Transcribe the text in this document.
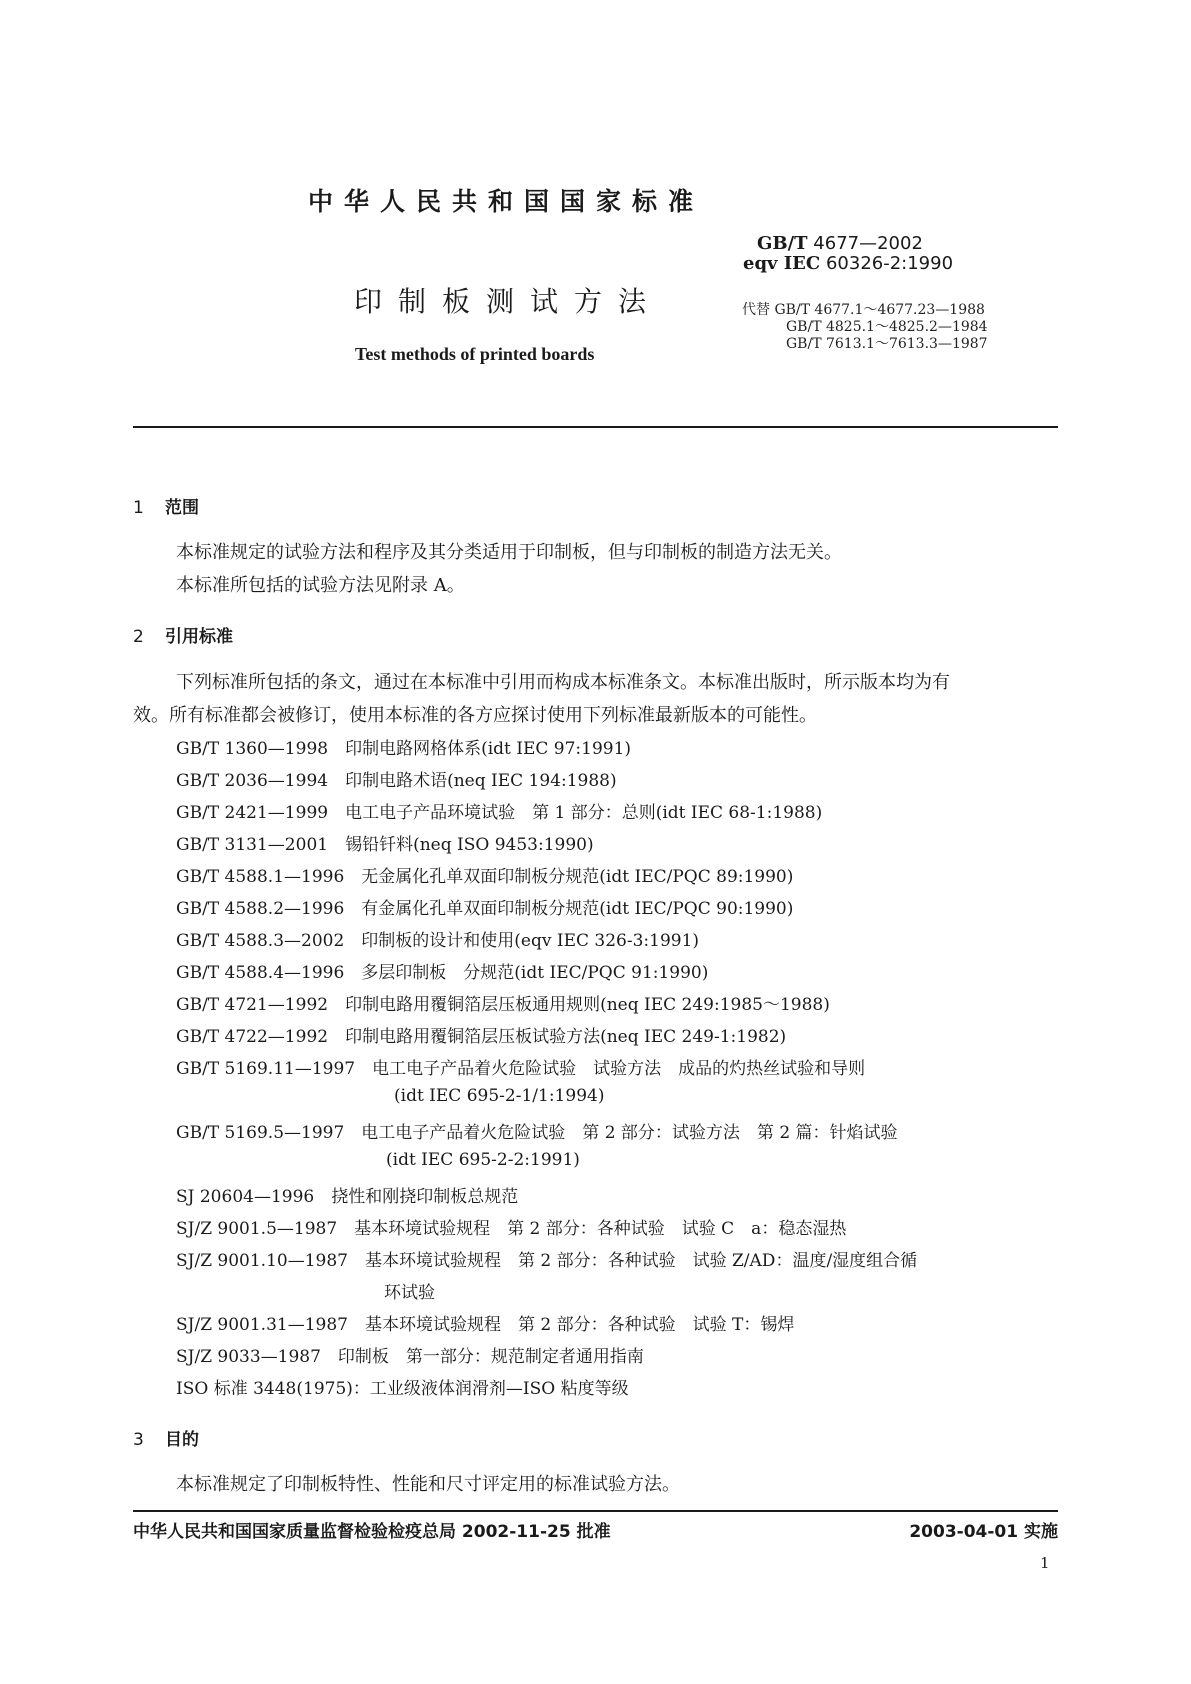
中华人民共和国国家标准
GB/T 4677—2002
eqv IEC 60326-2:1990
印制板测试方法
Test methods of printed boards
代替 GB/T 4677.1～4677.23—1988
GB/T 4825.1～4825.2—1984
GB/T 7613.1～7613.3—1987
1 范围
本标准规定的试验方法和程序及其分类适用于印制板，但与印制板的制造方法无关。
本标准所包括的试验方法见附录 A。
2 引用标准
下列标准所包括的条文，通过在本标准中引用而构成本标准条文。本标准出版时，所示版本均为有
效。所有标准都会被修订，使用本标准的各方应探讨使用下列标准最新版本的可能性。
GB/T 1360—1998　印制电路网格体系(idt IEC 97:1991)
GB/T 2036—1994　印制电路术语(neq IEC 194:1988)
GB/T 2421—1999　电工电子产品环境试验　第 1 部分：总则(idt IEC 68-1:1988)
GB/T 3131—2001　锡铅钎料(neq ISO 9453:1990)
GB/T 4588.1—1996　无金属化孔单双面印制板分规范(idt IEC/PQC 89:1990)
GB/T 4588.2—1996　有金属化孔单双面印制板分规范(idt IEC/PQC 90:1990)
GB/T 4588.3—2002　印制板的设计和使用(eqv IEC 326-3:1991)
GB/T 4588.4—1996　多层印制板　分规范(idt IEC/PQC 91:1990)
GB/T 4721—1992　印制电路用覆铜箔层压板通用规则(neq IEC 249:1985～1988)
GB/T 4722—1992　印制电路用覆铜箔层压板试验方法(neq IEC 249-1:1982)
GB/T 5169.11—1997　电工电子产品着火危险试验　试验方法　成品的灼热丝试验和导则
(idt IEC 695-2-1/1:1994)
GB/T 5169.5—1997　电工电子产品着火危险试验　第 2 部分：试验方法　第 2 篇：针焰试验
(idt IEC 695-2-2:1991)
SJ 20604—1996　挠性和刚挠印制板总规范
SJ/Z 9001.5—1987　基本环境试验规程　第 2 部分：各种试验　试验 C　a：稳态湿热
SJ/Z 9001.10—1987　基本环境试验规程　第 2 部分：各种试验　试验 Z/AD：温度/湿度组合循
环试验
SJ/Z 9001.31—1987　基本环境试验规程　第 2 部分：各种试验　试验 T：锡焊
SJ/Z 9033—1987　印制板　第一部分：规范制定者通用指南
ISO 标准 3448(1975)：工业级液体润滑剂—ISO 粘度等级
3 目的
本标准规定了印制板特性、性能和尺寸评定用的标准试验方法。
中华人民共和国国家质量监督检验检疫总局 2002-11-25 批准	2003-04-01 实施
1
